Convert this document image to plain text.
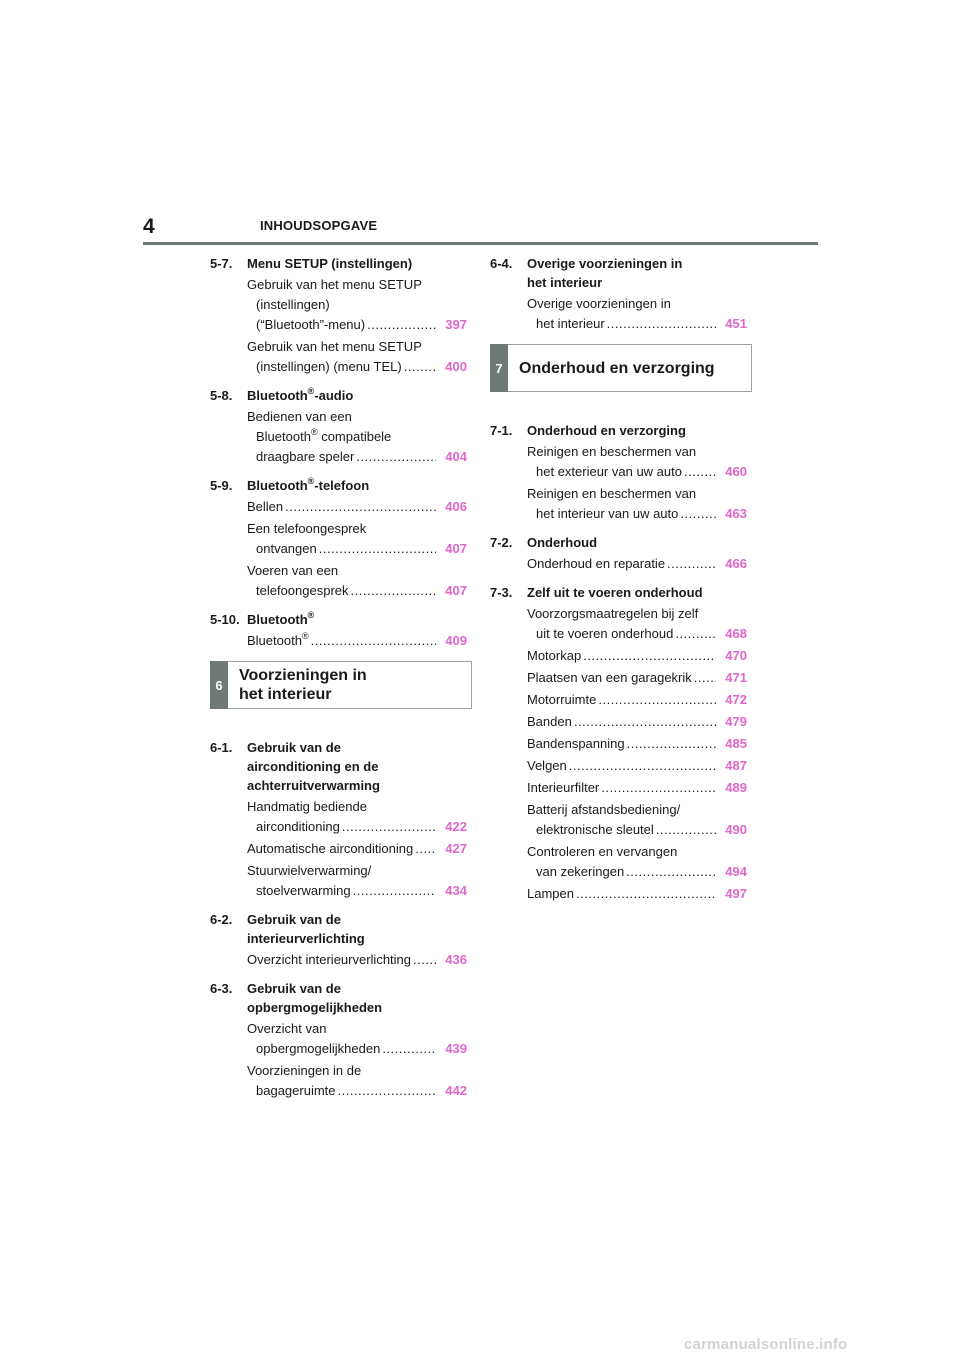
4	INHOUDSOPGAVE
5-7.	Menu SETUP (instellingen)
Gebruik van het menu SETUP
(instellingen)
(“Bluetooth”-menu) .....	397
Gebruik van het menu SETUP
(instellingen) (menu TEL) .....	400
5-8.	Bluetooth®-audio
Bedienen van een
Bluetooth® compatibele
draagbare speler .....	404
5-9.	Bluetooth®-telefoon
Bellen .....	406
Een telefoongesprek
ontvangen .....	407
Voeren van een
telefoongesprek .....	407
5-10. Bluetooth®
Bluetooth® .....	409
6
Voorzieningen in
het interieur
6-1. Gebruik van de
airconditioning en de
achterruitverwarming
Handmatig bediende
airconditioning .....	422
Automatische airconditioning ..... 427
Stuurwielverwarming/
stoelverwarming .....	434
6-2. Gebruik van de
interieurverlichting
Overzicht interieurverlichting .....	436
6-3. Gebruik van de
opbergmogelijkheden
Overzicht van
opbergmogelijkheden .....	439
Voorzieningen in de
bagageruimte .....	442
6-4. Overige voorzieningen in
het interieur
Overige voorzieningen in
het interieur .....	451
7	Onderhoud en verzorging
7-1.	Onderhoud en verzorging
Reinigen en beschermen van
het exterieur van uw auto .....	460
Reinigen en beschermen van
het interieur van uw auto .....	463
7-2.	Onderhoud
Onderhoud en reparatie .....	466
7-3.	Zelf uit te voeren onderhoud
Voorzorgsmaatregelen bij zelf
uit te voeren onderhoud .....	468
Motorkap .....	470
Plaatsen van een garagekrik .....	471
Motorruimte .....	472
Banden .....	479
Bandenspanning .....	485
Velgen .....	487
Interieurfilter .....	489
Batterij afstandsbediening/
elektronische sleutel .....	490
Controleren en vervangen
van zekeringen .....	494
Lampen .....	497
carmanualsonline.info
